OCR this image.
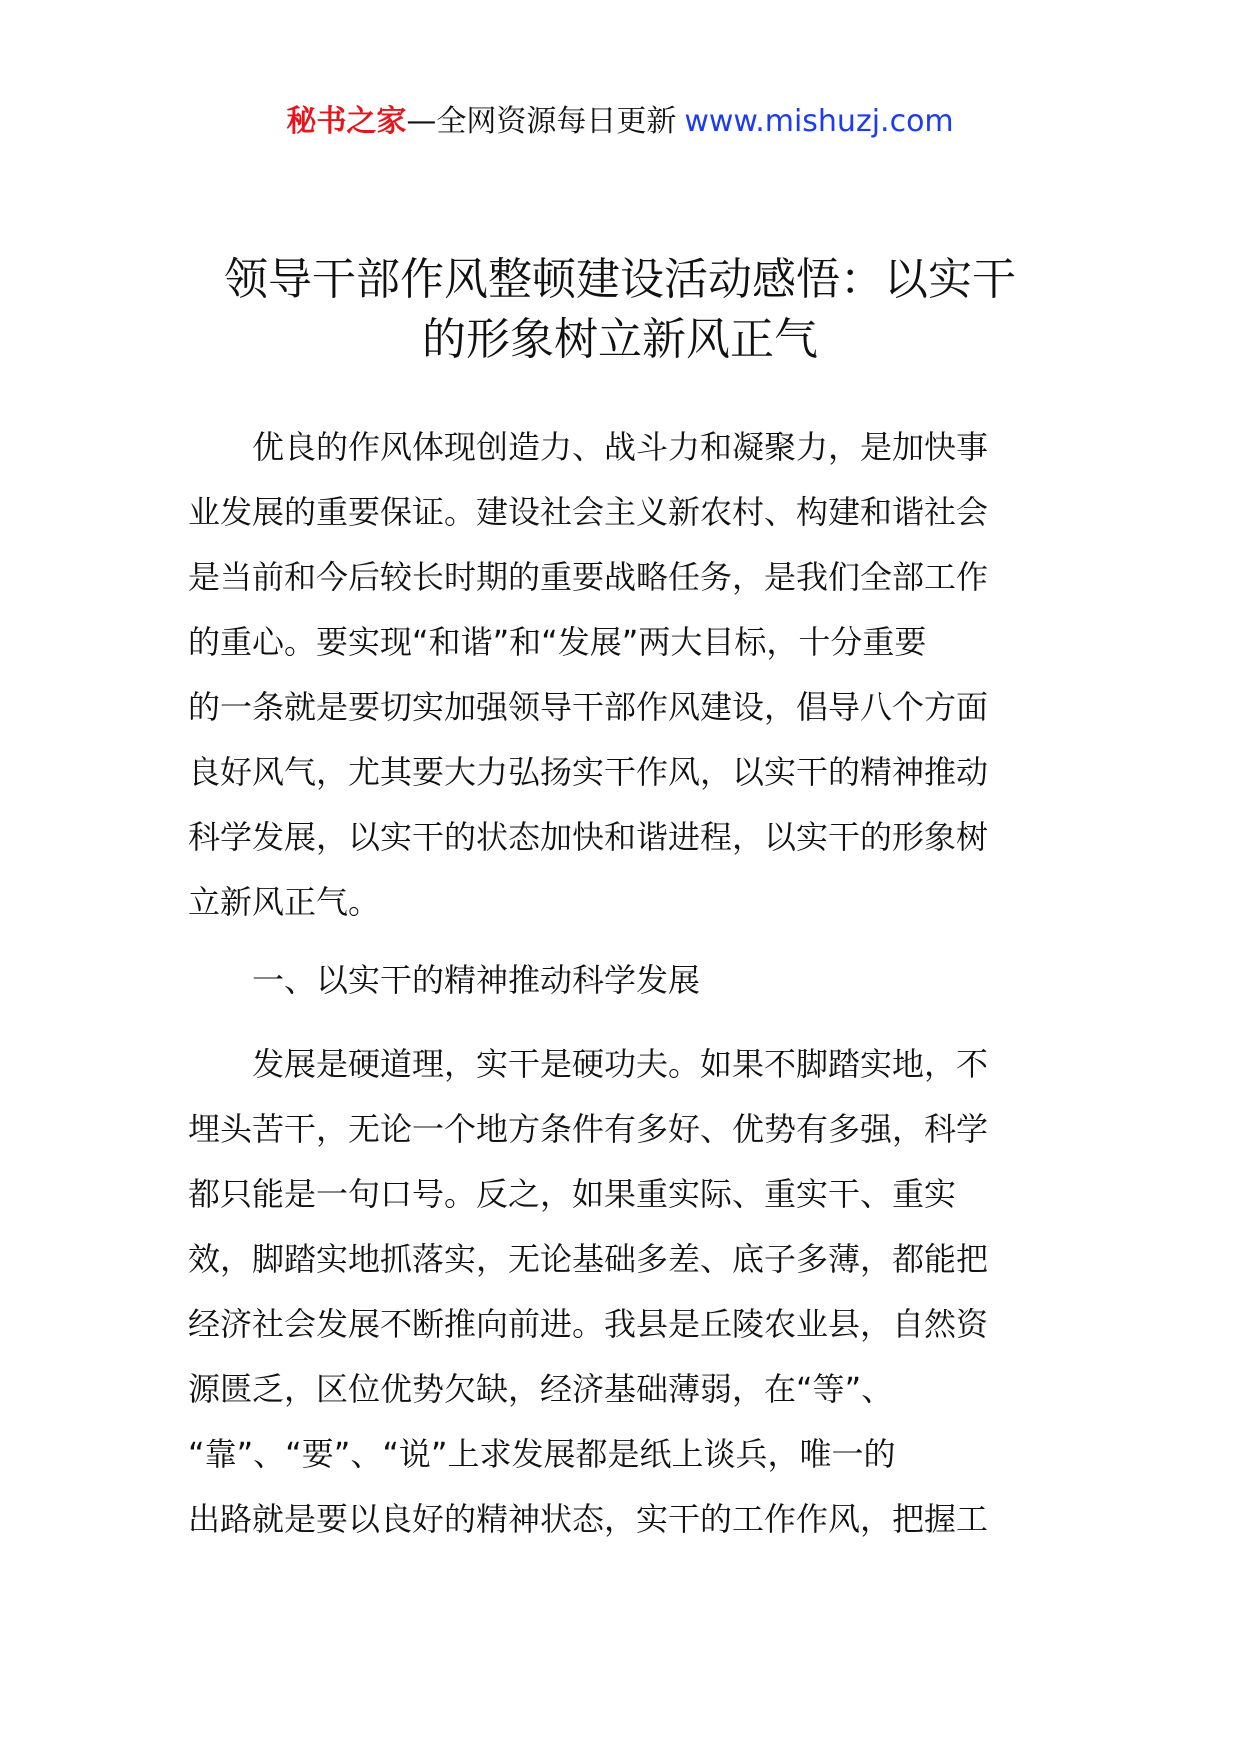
秘书之家—全网资源每日更新 www.mishuzj.com
领导干部作风整顿建设活动感悟：以实干
的形象树立新风正气
　　优良的作风体现创造力、战斗力和凝聚力，是加快事
业发展的重要保证。建设社会主义新农村、构建和谐社会
是当前和今后较长时期的重要战略任务，是我们全部工作
的重心。要实现“和谐”和“发展”两大目标，十分重要
的一条就是要切实加强领导干部作风建设，倡导八个方面
良好风气，尤其要大力弘扬实干作风，以实干的精神推动
科学发展，以实干的状态加快和谐进程，以实干的形象树
立新风正气。
　　一、以实干的精神推动科学发展
　　发展是硬道理，实干是硬功夫。如果不脚踏实地，不
埋头苦干，无论一个地方条件有多好、优势有多强，科学
都只能是一句口号。反之，如果重实际、重实干、重实
效，脚踏实地抓落实，无论基础多差、底子多薄，都能把
经济社会发展不断推向前进。我县是丘陵农业县，自然资
源匮乏，区位优势欠缺，经济基础薄弱，在“等”、
“靠”、“要”、“说”上求发展都是纸上谈兵，唯一的
出路就是要以良好的精神状态，实干的工作作风，把握工
